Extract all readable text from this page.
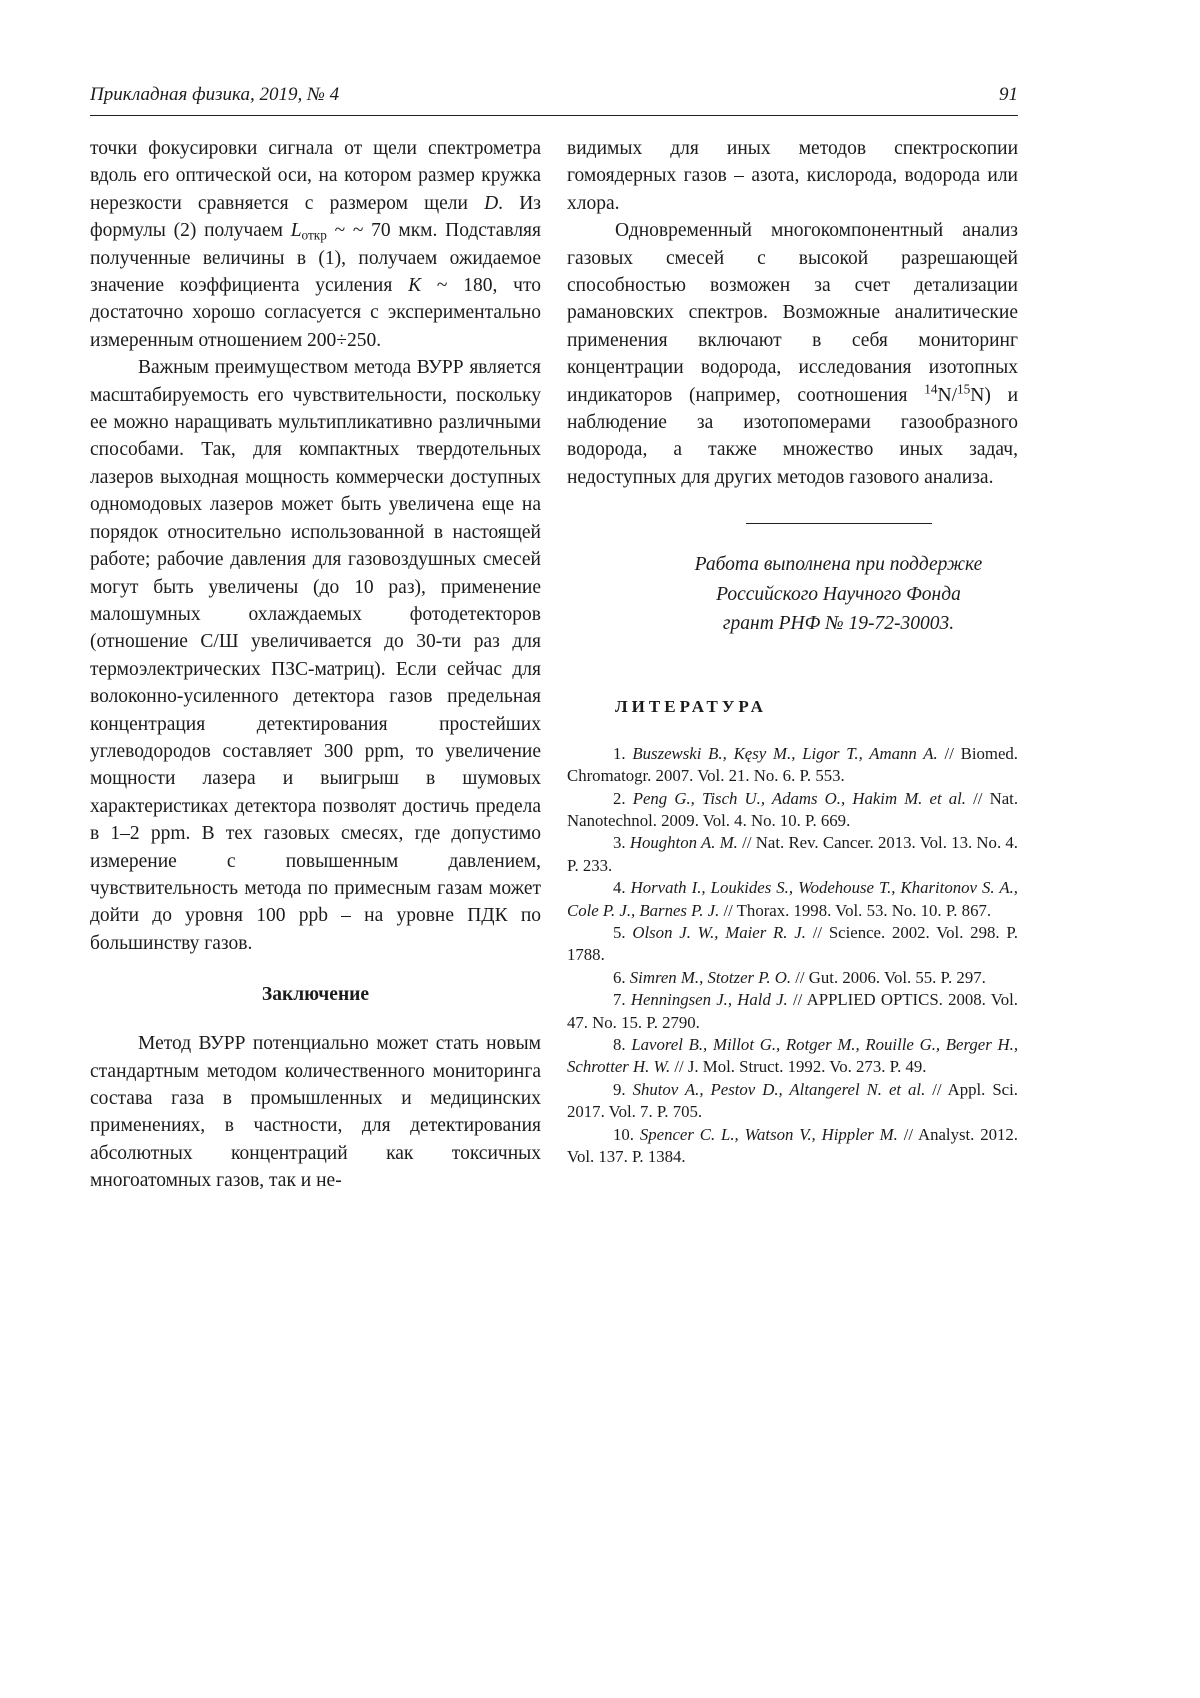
Прикладная физика, 2019, № 4	91

точки фокусировки сигнала от щели спектрометра вдоль его оптической оси, на котором размер кружка нерезкости сравняется с размером щели D. Из формулы (2) получаем $L_{откр}$ ~ ~ 70 мкм. Подставляя полученные величины в (1), получаем ожидаемое значение коэффициента усиления K ~ 180, что достаточно хорошо согласуется с экспериментально измеренным отношением 200÷250.

Важным преимуществом метода ВУРР является масштабируемость его чувствительности, поскольку ее можно наращивать мультипликативно различными способами. Так, для компактных твердотельных лазеров выходная мощность коммерчески доступных одномодовых лазеров может быть увеличена еще на порядок относительно использованной в настоящей работе; рабочие давления для газовоздушных смесей могут быть увеличены (до 10 раз), применение малошумных охлаждаемых фотодетекторов (отношение С/Ш увеличивается до 30-ти раз для термоэлектрических ПЗС-матриц). Если сейчас для волоконно-усиленного детектора газов предельная концентрация детектирования простейших углеводородов составляет 300 ppm, то увеличение мощности лазера и выигрыш в шумовых характеристиках детектора позволят достичь предела в 1–2 ppm. В тех газовых смесях, где допустимо измерение с повышенным давлением, чувствительность метода по примесным газам может дойти до уровня 100 ppb – на уровне ПДК по большинству газов.

Заключение

Метод ВУРР потенциально может стать новым стандартным методом количественного мониторинга состава газа в промышленных и медицинских применениях, в частности, для детектирования абсолютных концентраций как токсичных многоатомных газов, так и не-

видимых для иных методов спектроскопии гомоядерных газов – азота, кислорода, водорода или хлора.

Одновременный многокомпонентный анализ газовых смесей с высокой разрешающей способностью возможен за счет детализации рамановских спектров. Возможные аналитические применения включают в себя мониторинг концентрации водорода, исследования изотопных индикаторов (например, соотношения $^{14}$N/$^{15}$N) и наблюдение за изотопомерами газообразного водорода, а также множество иных задач, недоступных для других методов газового анализа.

Работа выполнена при поддержке
Российского Научного Фонда
грант РНФ № 19-72-30003.
ЛИТЕРАТУРА

1. Buszewski B., Kęsy M., Ligor T., Amann A. // Biomed. Chromatogr. 2007. Vol. 21. No. 6. P. 553.

2. Peng G., Tisch U., Adams O., Hakim M. et al. // Nat. Nanotechnol. 2009. Vol. 4. No. 10. P. 669.

3. Houghton A. M. // Nat. Rev. Cancer. 2013. Vol. 13. No. 4. P. 233.

4. Horvath I., Loukides S., Wodehouse T., Kharitonov S. A., Cole P. J., Barnes P. J. // Thorax. 1998. Vol. 53. No. 10. P. 867.

5. Olson J. W., Maier R. J. // Science. 2002. Vol. 298. P. 1788.

6. Simren M., Stotzer P. O. // Gut. 2006. Vol. 55. P. 297.

7. Henningsen J., Hald J. // APPLIED OPTICS. 2008. Vol. 47. No. 15. P. 2790.

8. Lavorel B., Millot G., Rotger M., Rouille G., Berger H., Schrotter H. W. // J. Mol. Struct. 1992. Vo. 273. P. 49.

9. Shutov A., Pestov D., Altangerel N. et al. // Appl. Sci. 2017. Vol. 7. P. 705.

10. Spencer C. L., Watson V., Hippler M. // Analyst. 2012. Vol. 137. P. 1384.
